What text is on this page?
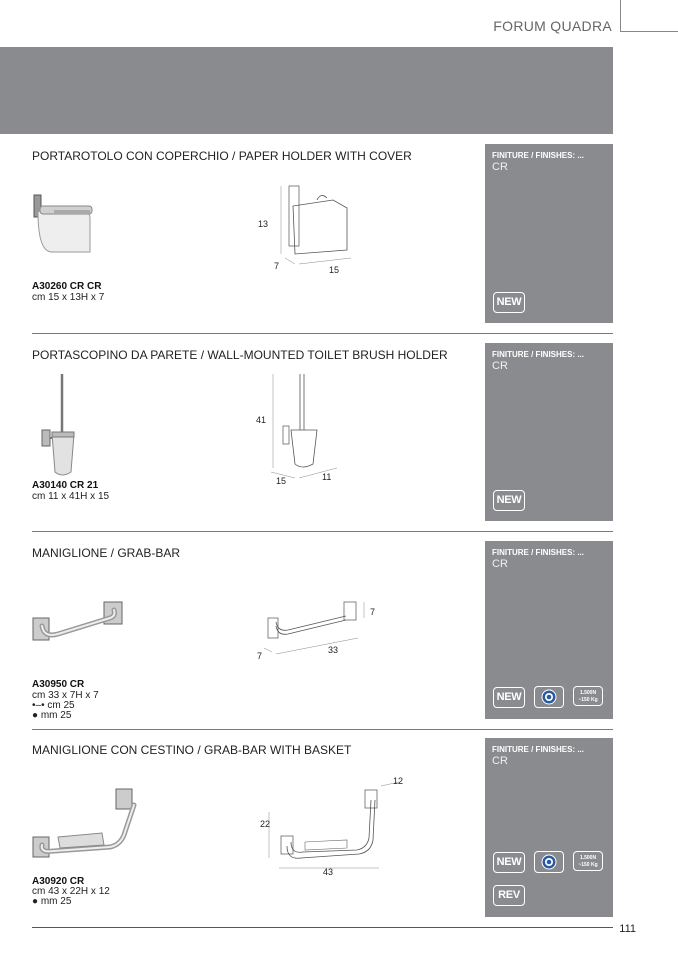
FORUM QUADRA
PORTAROTOLO CON COPERCHIO / PAPER HOLDER WITH COVER
13
7	15
A30260 CR CR
cm 15 x 13H x 7
FINITURE / FINISHES: ...
CR
NEW
PORTASCOPINO DA PARETE / WALL-MOUNTED TOILET BRUSH HOLDER
41
15	11
A30140 CR 21
cm 11 x 41H x 15
FINITURE / FINISHES: ...
CR
NEW
MANIGLIONE / GRAB-BAR
7
7
33
A30950 CR
cm 33 x 7H x 7
•–• cm 25
● mm 25
FINITURE / FINISHES: ...
CR
NEW	1.500N
~150 Kg
MANIGLIONE CON CESTINO / GRAB-BAR WITH BASKET
22
12
43
A30920 CR
cm 43 x 22H x 12
● mm 25
FINITURE / FINISHES: ...
CR
NEW	1.500N
~150 Kg
REV
111
